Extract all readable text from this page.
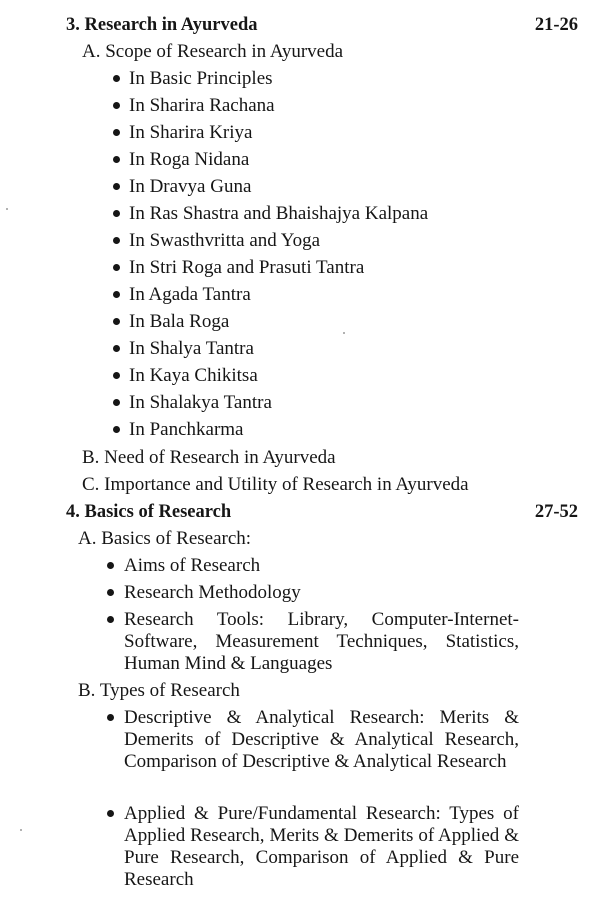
3. Research in Ayurveda	21-26
A. Scope of Research in Ayurveda
In Basic Principles
In Sharira Rachana
In Sharira Kriya
In Roga Nidana
In Dravya Guna
In Ras Shastra and Bhaishajya Kalpana
In Swasthvritta and Yoga
In Stri Roga and Prasuti Tantra
In Agada Tantra
In Bala Roga
In Shalya Tantra
In Kaya Chikitsa
In Shalakya Tantra
In Panchkarma
B. Need of Research in Ayurveda
C. Importance and Utility of Research in Ayurveda
4. Basics of Research	27-52
A. Basics of Research:
Aims of Research
Research Methodology
Research Tools: Library, Computer-Internet-Software, Measurement Techniques, Statistics, Human Mind & Languages
B. Types of Research
Descriptive & Analytical Research: Merits & Demerits of Descriptive & Analytical Research, Comparison of Descriptive & Analytical Research
Applied & Pure/Fundamental Research: Types of Applied Research, Merits & Demerits of Applied & Pure Research, Comparison of Applied & Pure Research
